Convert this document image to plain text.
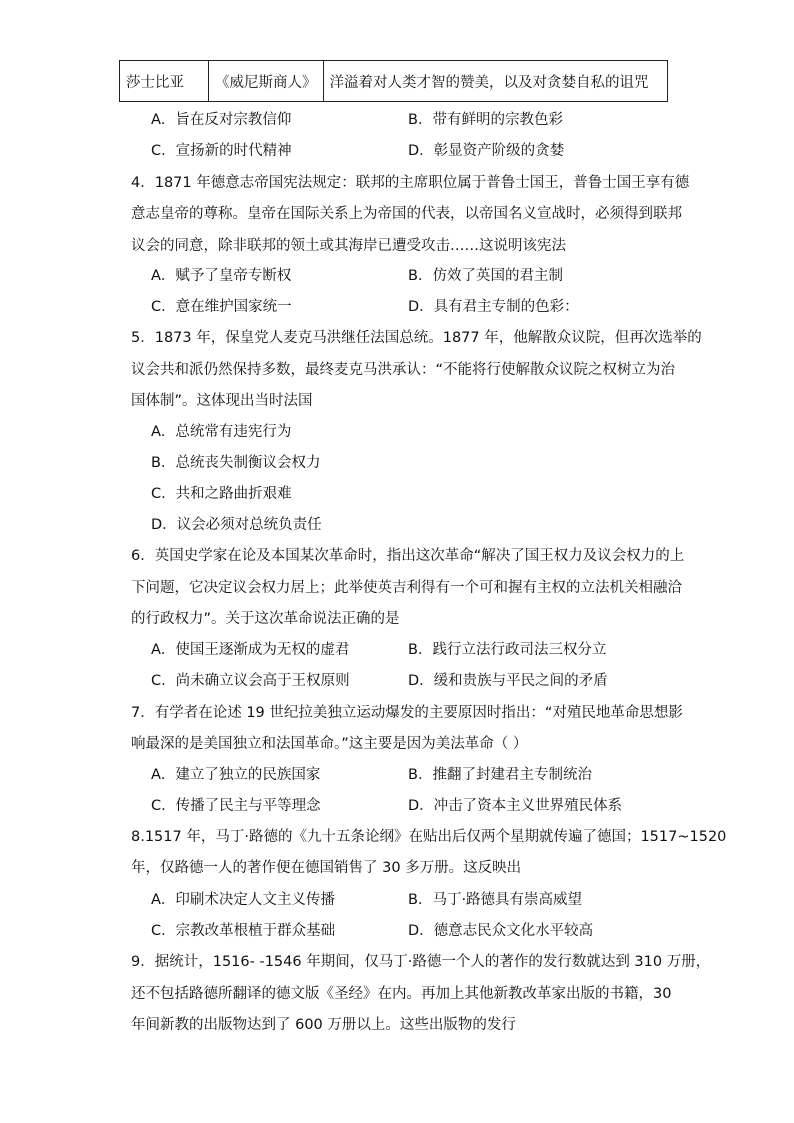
莎士比亚	《威尼斯商人》	洋溢着对人类才智的赞美，以及对贪婪自私的诅咒
A．旨在反对宗教信仰	B．带有鲜明的宗教色彩
C．宣扬新的时代精神	D．彰显资产阶级的贪婪
4．1871 年德意志帝国宪法规定：联邦的主席职位属于普鲁士国王，普鲁士国王享有德
意志皇帝的尊称。皇帝在国际关系上为帝国的代表，以帝国名义宣战时，必须得到联邦
议会的同意，除非联邦的领土或其海岸已遭受攻击……这说明该宪法
A．赋予了皇帝专断权	B．仿效了英国的君主制
C．意在维护国家统一	D．具有君主专制的色彩：
5．1873 年，保皇党人麦克马洪继任法国总统。1877 年，他解散众议院，但再次选举的
议会共和派仍然保持多数，最终麦克马洪承认：“不能将行使解散众议院之权树立为治
国体制”。这体现出当时法国
A．总统常有违宪行为
B．总统丧失制衡议会权力
C．共和之路曲折艰难
D．议会必须对总统负责任
6．英国史学家在论及本国某次革命时，指出这次革命“解决了国王权力及议会权力的上
下问题，它决定议会权力居上；此举使英吉利得有一个可和握有主权的立法机关相融洽
的行政权力”。关于这次革命说法正确的是
A．使国王逐渐成为无权的虚君	B．践行立法行政司法三权分立
C．尚未确立议会高于王权原则	D．缓和贵族与平民之间的矛盾
7．有学者在论述 19 世纪拉美独立运动爆发的主要原因时指出：“对殖民地革命思想影
响最深的是美国独立和法国革命。”这主要是因为美法革命（ ）
A．建立了独立的民族国家	B．推翻了封建君主专制统治
C．传播了民主与平等理念	D．冲击了资本主义世界殖民体系
8.1517 年，马丁·路德的《九十五条论纲》在贴出后仅两个星期就传遍了德国；1517~1520
年，仅路德一人的著作便在德国销售了 30 多万册。这反映出
A．印刷术决定人文主义传播	B．马丁·路德具有崇高威望
C．宗教改革根植于群众基础	D．德意志民众文化水平较高
9．据统计，1516- -1546 年期间，仅马丁·路德一个人的著作的发行数就达到 310 万册，
还不包括路德所翻译的德文版《圣经》在内。再加上其他新教改革家出版的书籍，30
年间新教的出版物达到了 600 万册以上。这些出版物的发行
